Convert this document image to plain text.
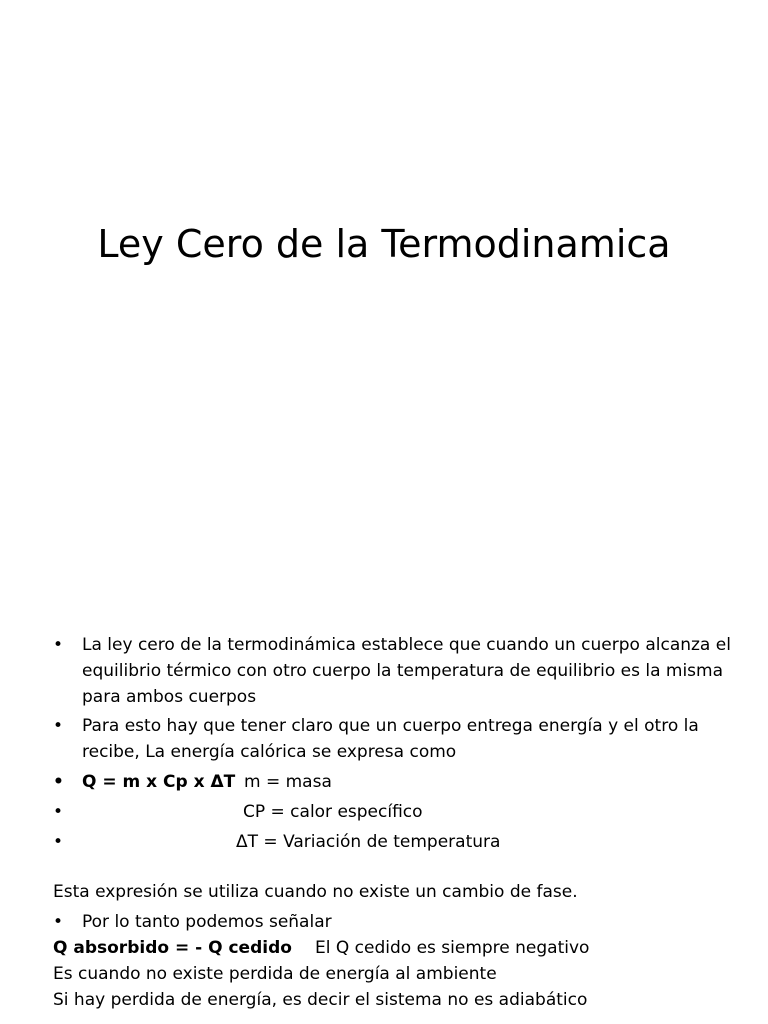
Ley Cero de la Termodinamica
• La ley cero de la termodinámica establece que cuando un cuerpo alcanza el equilibrio térmico con otro cuerpo la temperatura de equilibrio es la misma para ambos cuerpos
• Para esto hay que tener claro que un cuerpo entrega energía y el otro la recibe, La energía calórica se expresa como
• Q = m x Cp x ΔT m = masa
•	CP = calor específico
•	ΔT = Variación de temperatura
Esta expresión se utiliza cuando no existe un cambio de fase.
• Por lo tanto podemos señalar
Q absorbido = - Q cedido El Q cedido es siempre negativo
Es cuando no existe perdida de energía al ambiente
Si hay perdida de energía, es decir el sistema no es adiabático
